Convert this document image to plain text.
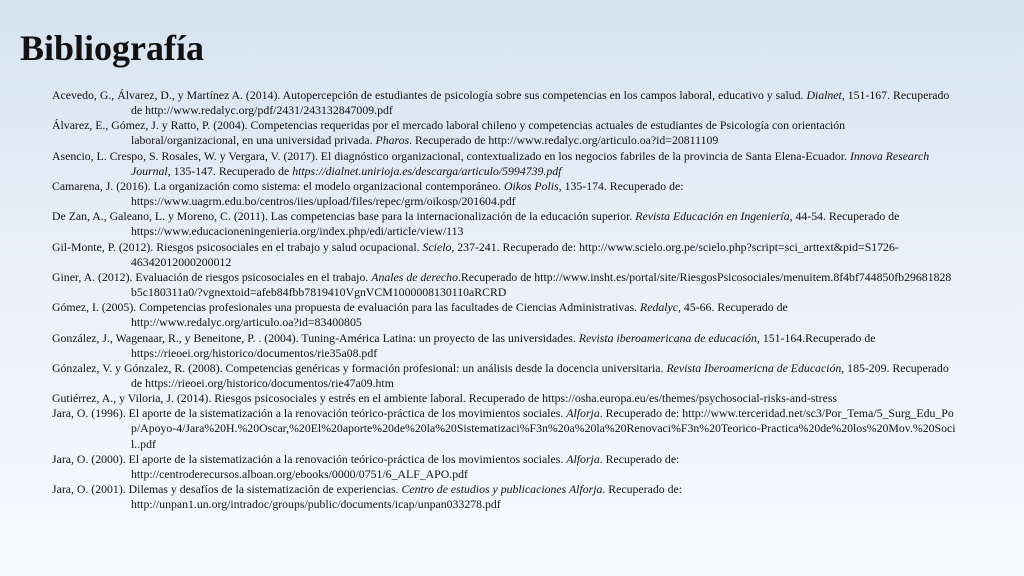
Bibliografía
Acevedo, G., Álvarez, D., y Martínez A. (2014). Autopercepción de estudiantes de psicología sobre sus competencias en los campos laboral, educativo y salud. Dialnet, 151-167. Recuperado de http://www.redalyc.org/pdf/2431/243132847009.pdf
Álvarez, E., Gómez, J. y Ratto, P. (2004). Competencias requeridas por el mercado laboral chileno y competencias actuales de estudiantes de Psicología con orientación laboral/organizacional, en una universidad privada. Pharos. Recuperado de http://www.redalyc.org/articulo.oa?id=20811109
Asencio, L. Crespo, S. Rosales, W. y Vergara, V. (2017). El diagnóstico organizacional, contextualizado en los negocios fabriles de la provincia de Santa Elena-Ecuador. Innova Research Journal, 135-147. Recuperado de https://dialnet.unirioja.es/descarga/articulo/5994739.pdf
Camarena, J. (2016). La organización como sistema: el modelo organizacional contemporáneo. Oikos Polis, 135-174. Recuperado de: https://www.uagrm.edu.bo/centros/iies/upload/files/repec/grm/oikosp/201604.pdf
De Zan, A., Galeano, L. y Moreno, C. (2011). Las competencias base para la internacionalización de la educación superior. Revista Educación en Ingeniería, 44-54. Recuperado de https://www.educacioneningenieria.org/index.php/edi/article/view/113
Gil-Monte, P. (2012). Riesgos psicosociales en el trabajo y salud ocupacional. Scielo, 237-241. Recuperado de: http://www.scielo.org.pe/scielo.php?script=sci_arttext&pid=S1726-46342012000200012
Giner, A. (2012). Evaluación de riesgos psicosociales en el trabajo. Anales de derecho.Recuperado de http://www.insht.es/portal/site/RiesgosPsicosociales/menuitem.8f4bf744850fb29681828b5c180311a0/?vgnextoid=afeb84fbb7819410VgnVCM1000008130110aRCRD
Gómez, I. (2005). Competencias profesionales una propuesta de evaluación para las facultades de Ciencias Administrativas. Redalyc, 45-66. Recuperado de http://www.redalyc.org/articulo.oa?id=83400805
González, J., Wagenaar, R., y Beneitone, P. . (2004). Tuning-América Latina: un proyecto de las universidades. Revista iberoamericana de educación, 151-164.Recuperado de https://rieoei.org/historico/documentos/rie35a08.pdf
Gónzalez, V. y Gónzalez, R. (2008). Competencias genéricas y formación profesional: un análisis desde la docencia universitaria. Revista Iberoamericna de Educación, 185-209. Recuperado de https://rieoei.org/historico/documentos/rie47a09.htm
Gutiérrez, A., y Viloria, J. (2014). Riesgos psicosociales y estrés en el ambiente laboral. Recuperado de https://osha.europa.eu/es/themes/psychosocial-risks-and-stress
Jara, O. (1996). El aporte de la sistematización a la renovación teórico-práctica de los movimientos sociales. Alforja. Recuperado de: http://www.terceridad.net/sc3/Por_Tema/5_Surg_Edu_Pop/Apoyo-4/Jara%20H.%20Oscar,%20El%20aporte%20de%20la%20Sistematizaci%F3n%20a%20la%20Renovaci%F3n%20Teorico-Practica%20de%20los%20Mov.%20Socil..pdf
Jara, O. (2000). El aporte de la sistematización a la renovación teórico-práctica de los movimientos sociales. Alforja. Recuperado de: http://centroderecursos.alboan.org/ebooks/0000/0751/6_ALF_APO.pdf
Jara, O. (2001). Dilemas y desafíos de la sistematización de experiencias. Centro de estudios y publicaciones Alforja. Recuperado de: http://unpan1.un.org/intradoc/groups/public/documents/icap/unpan033278.pdf
